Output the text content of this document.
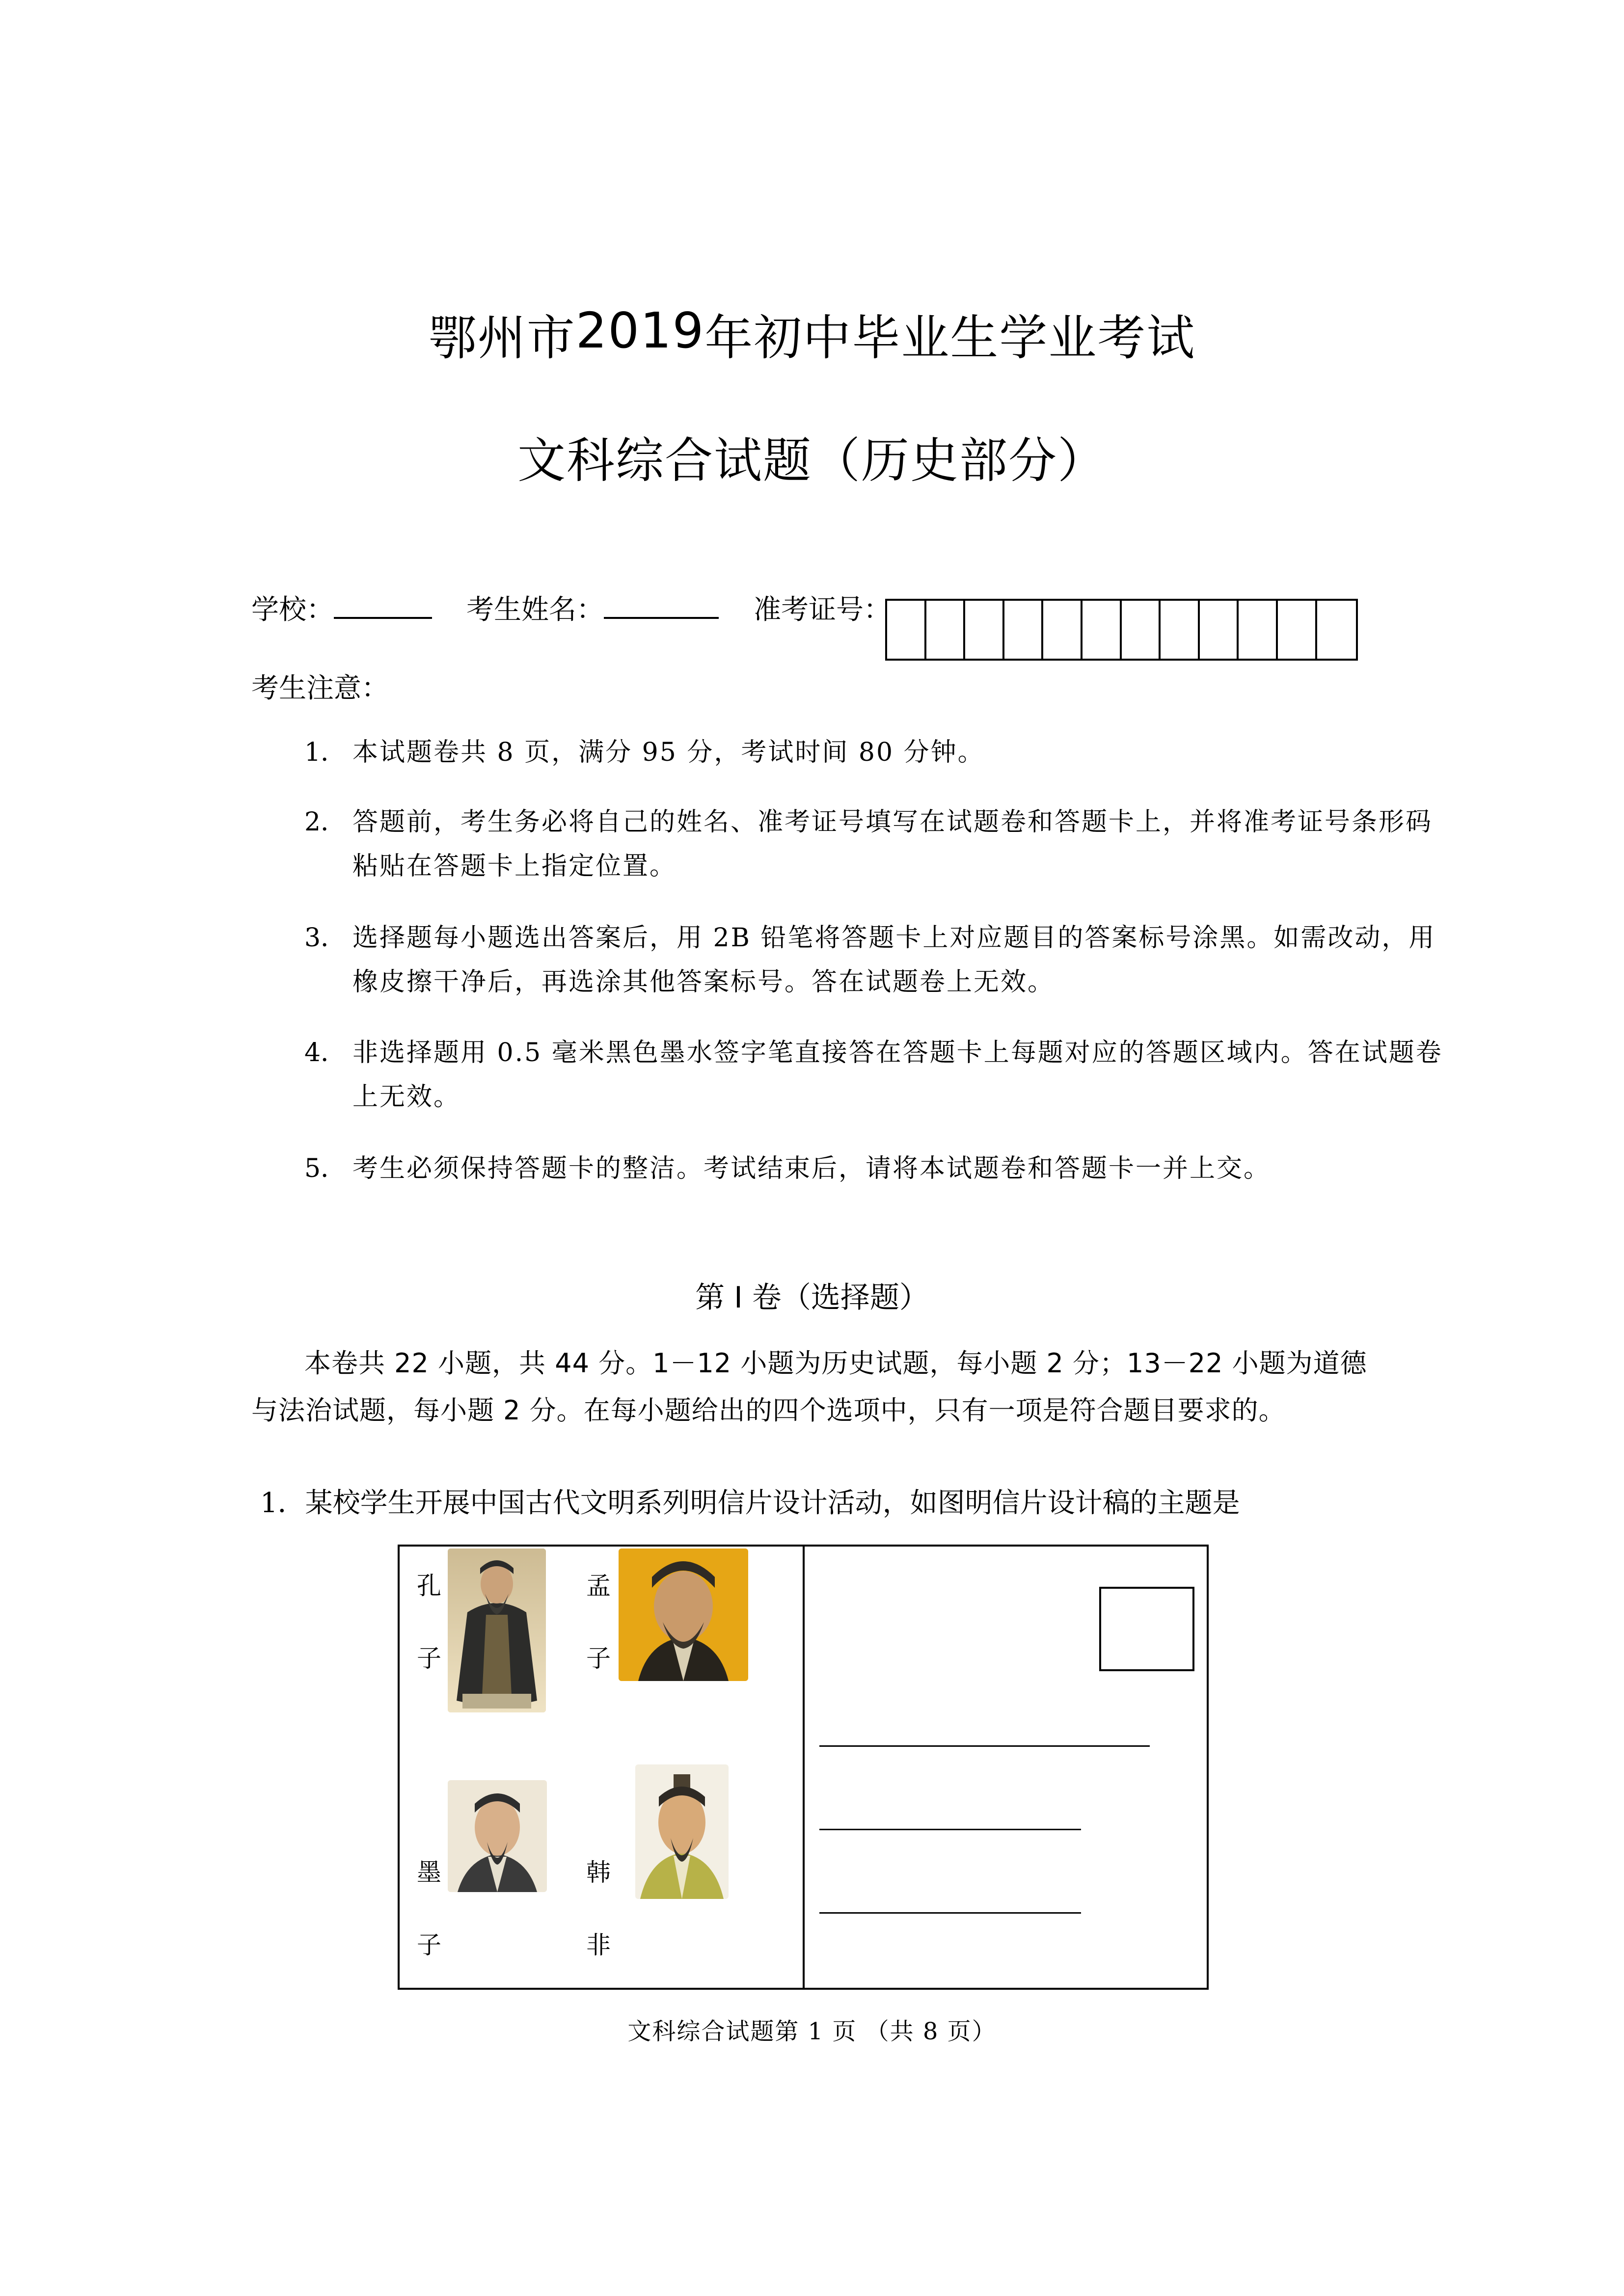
鄂州市2019年初中毕业生学业考试
文科综合试题（历史部分）
学校：	考生姓名：	准考证号：
考生注意：
1． 本试题卷共 8 页，满分 95 分，考试时间 80 分钟。
2． 答题前，考生务必将自己的姓名、准考证号填写在试题卷和答题卡上，并将准考证号条形码粘贴在答题卡上指定位置。
3． 选择题每小题选出答案后，用 2B 铅笔将答题卡上对应题目的答案标号涂黑。如需改动，用橡皮擦干净后，再选涂其他答案标号。答在试题卷上无效。
4． 非选择题用 0.5 毫米黑色墨水签字笔直接答在答题卡上每题对应的答题区域内。答在试题卷上无效。
5． 考生必须保持答题卡的整洁。考试结束后，请将本试题卷和答题卡一并上交。
第 I 卷（选择题）
本卷共 22 小题，共 44 分。1－12 小题为历史试题，每小题 2 分；13－22 小题为道德与法治试题，每小题 2 分。在每小题给出的四个选项中，只有一项是符合题目要求的。
1．某校学生开展中国古代文明系列明信片设计活动，如图明信片设计稿的主题是
孔
子
孟
子
墨
子
韩
非
文科综合试题第 1 页 （共 8 页）
